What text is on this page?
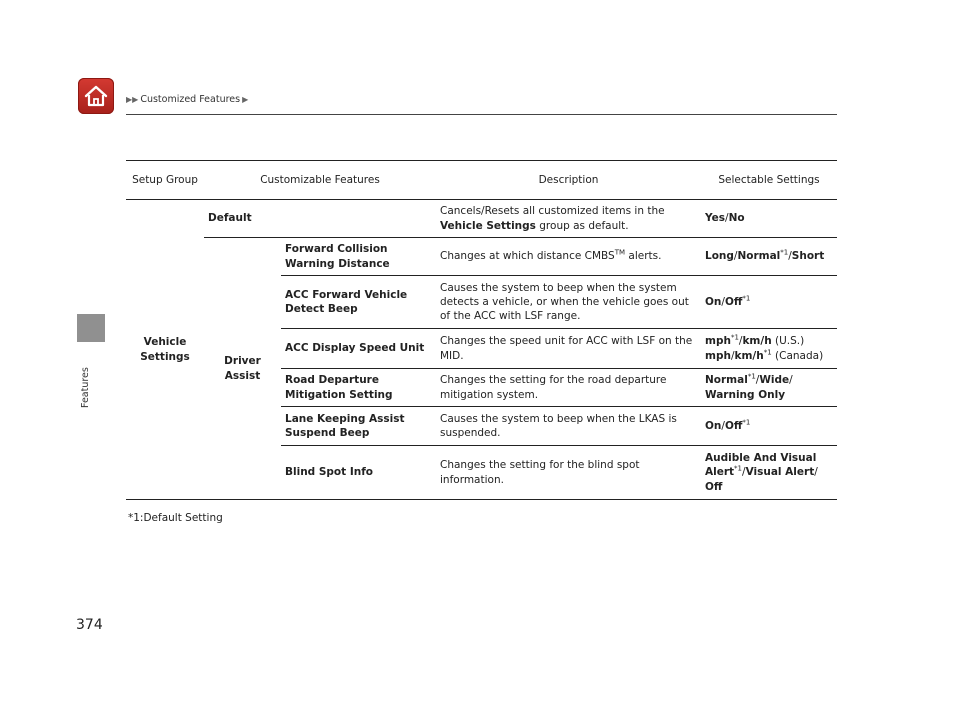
▶▶ Customized Features ▶
Features
Setup Group	Customizable Features		Description	Selectable Settings
Vehicle Settings	Default		Cancels/Resets all customized items in the
Vehicle Settings group as default.	Yes/No
	Driver Assist	Forward Collision Warning Distance	Changes at which distance CMBS™ alerts.	Long/Normal$^{*1}$/Short
		ACC Forward Vehicle Detect Beep	Causes the system to beep when the system detects a vehicle, or when the vehicle goes out of the ACC with LSF range.	On/Off$^{*1}$
		ACC Display Speed Unit	Changes the speed unit for ACC with LSF on the MID.	mph$^{*1}$/km/h (U.S.)
mph/$km/h^{*1}$ (Canada)
		Road Departure Mitigation Setting	Changes the setting for the road departure mitigation system.	Normal$^{*1}$/Wide/
Warning Only
		Lane Keeping Assist Suspend Beep	Causes the system to beep when the LKAS is suspended.	On/Off$^{*1}$
		Blind Spot Info	Changes the setting for the blind spot information.	Audible And Visual Alert$^{*1}$/Visual Alert/
Off
*1:Default Setting
374
